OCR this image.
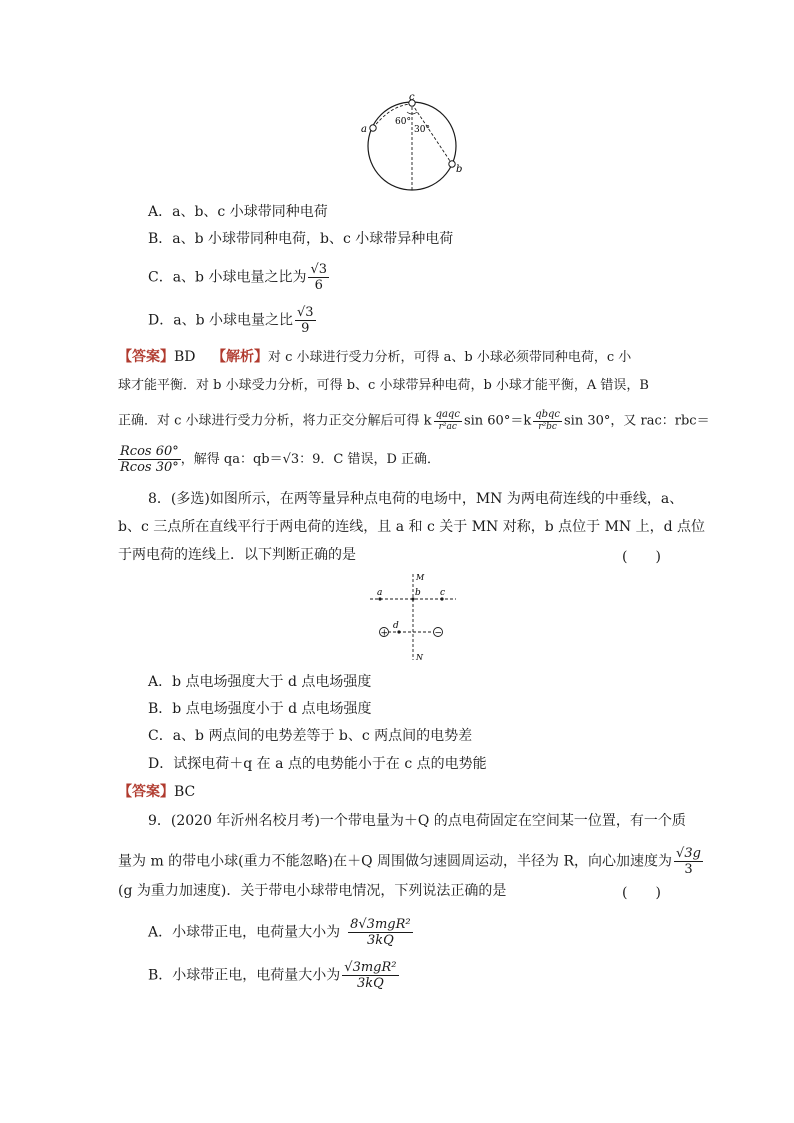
a
c
b
60°
30°
A．a、b、c 小球带同种电荷
B．a、b 小球带同种电荷，b、c 小球带异种电荷
C．a、b 小球电量之比为 $\frac{√3}{6}$
D．a、b 小球电量之比 $\frac{√3}{9}$
【答案】BD 【解析】对 c 小球进行受力分析，可得 a、b 小球必须带同种电荷，c 小
球才能平衡．对 b 小球受力分析，可得 b、c 小球带异种电荷，b 小球才能平衡，A 错误，B
正确．对 c 小球进行受力分析，将力正交分解后可得 k $\frac{\text{qaqc}}{\text{r²ac}}$ $\sin 60^\circ=k \frac{\text{qbqc}}{\text{r²bc}}$ sin 30°，又 rac：rbc＝
$\frac{Rcos 60^\circ}{Rcos 30^\circ}$ ，解得 qa：qb＝√3：9．C 错误，D 正确．
8．(多选)如图所示，在两等量异种点电荷的电场中，MN 为两电荷连线的中垂线，a、
b、c 三点所在直线平行于两电荷的连线，且 a 和 c 关于 MN 对称，b 点位于 MN 上，d 点位
于两电荷的连线上．以下判断正确的是	(　　)
+	−
M
N
a	b c
d
A．b 点电场强度大于 d 点电场强度
B．b 点电场强度小于 d 点电场强度
C．a、b 两点间的电势差等于 b、c 两点间的电势差
D．试探电荷＋q 在 a 点的电势能小于在 c 点的电势能
【答案】BC
9．(2020 年沂州名校月考)一个带电量为＋Q 的点电荷固定在空间某一位置，有一个质
量为 m 的带电小球(重力不能忽略)在＋Q 周围做匀速圆周运动，半径为 R，向心加速度为 $\frac{√3g}{3}$
(g 为重力加速度)．关于带电小球带电情况，下列说法正确的是	(　　)
A．小球带正电，电荷量大小为 $\frac{\text{8√3mgR²}}{3kQ}$
B．小球带正电，电荷量大小为 $\frac{\text{√3mgR²}}{3kQ}$
